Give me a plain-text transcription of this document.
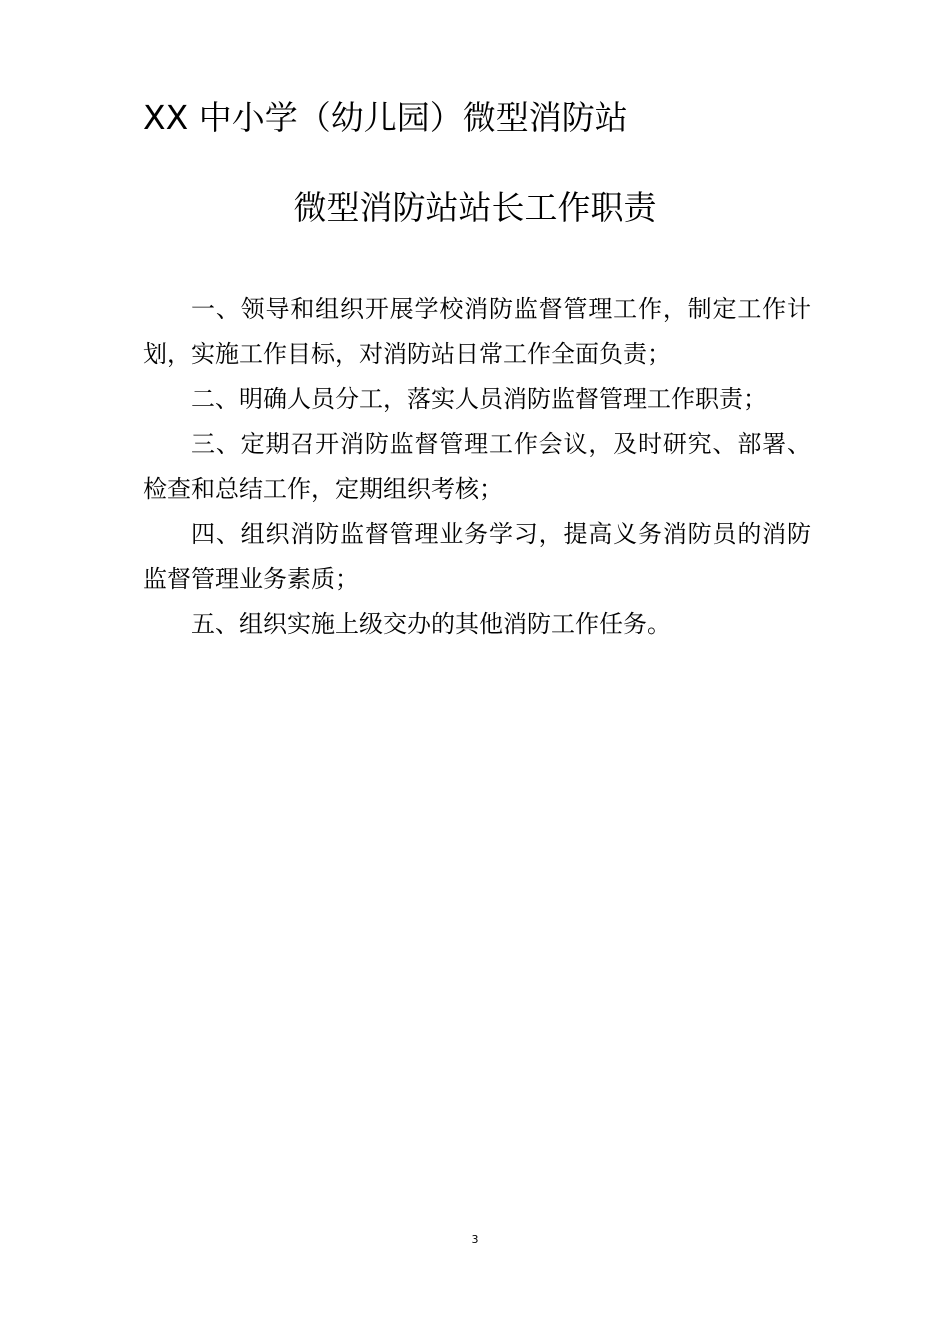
XX 中小学（幼儿园）微型消防站
微型消防站站长工作职责

一、领导和组织开展学校消防监督管理工作，制定工作计划，实施工作目标，对消防站日常工作全面负责；

二、明确人员分工，落实人员消防监督管理工作职责；

三、定期召开消防监督管理工作会议，及时研究、部署、检查和总结工作，定期组织考核；

四、组织消防监督管理业务学习，提高义务消防员的消防监督管理业务素质；

五、组织实施上级交办的其他消防工作任务。

3
